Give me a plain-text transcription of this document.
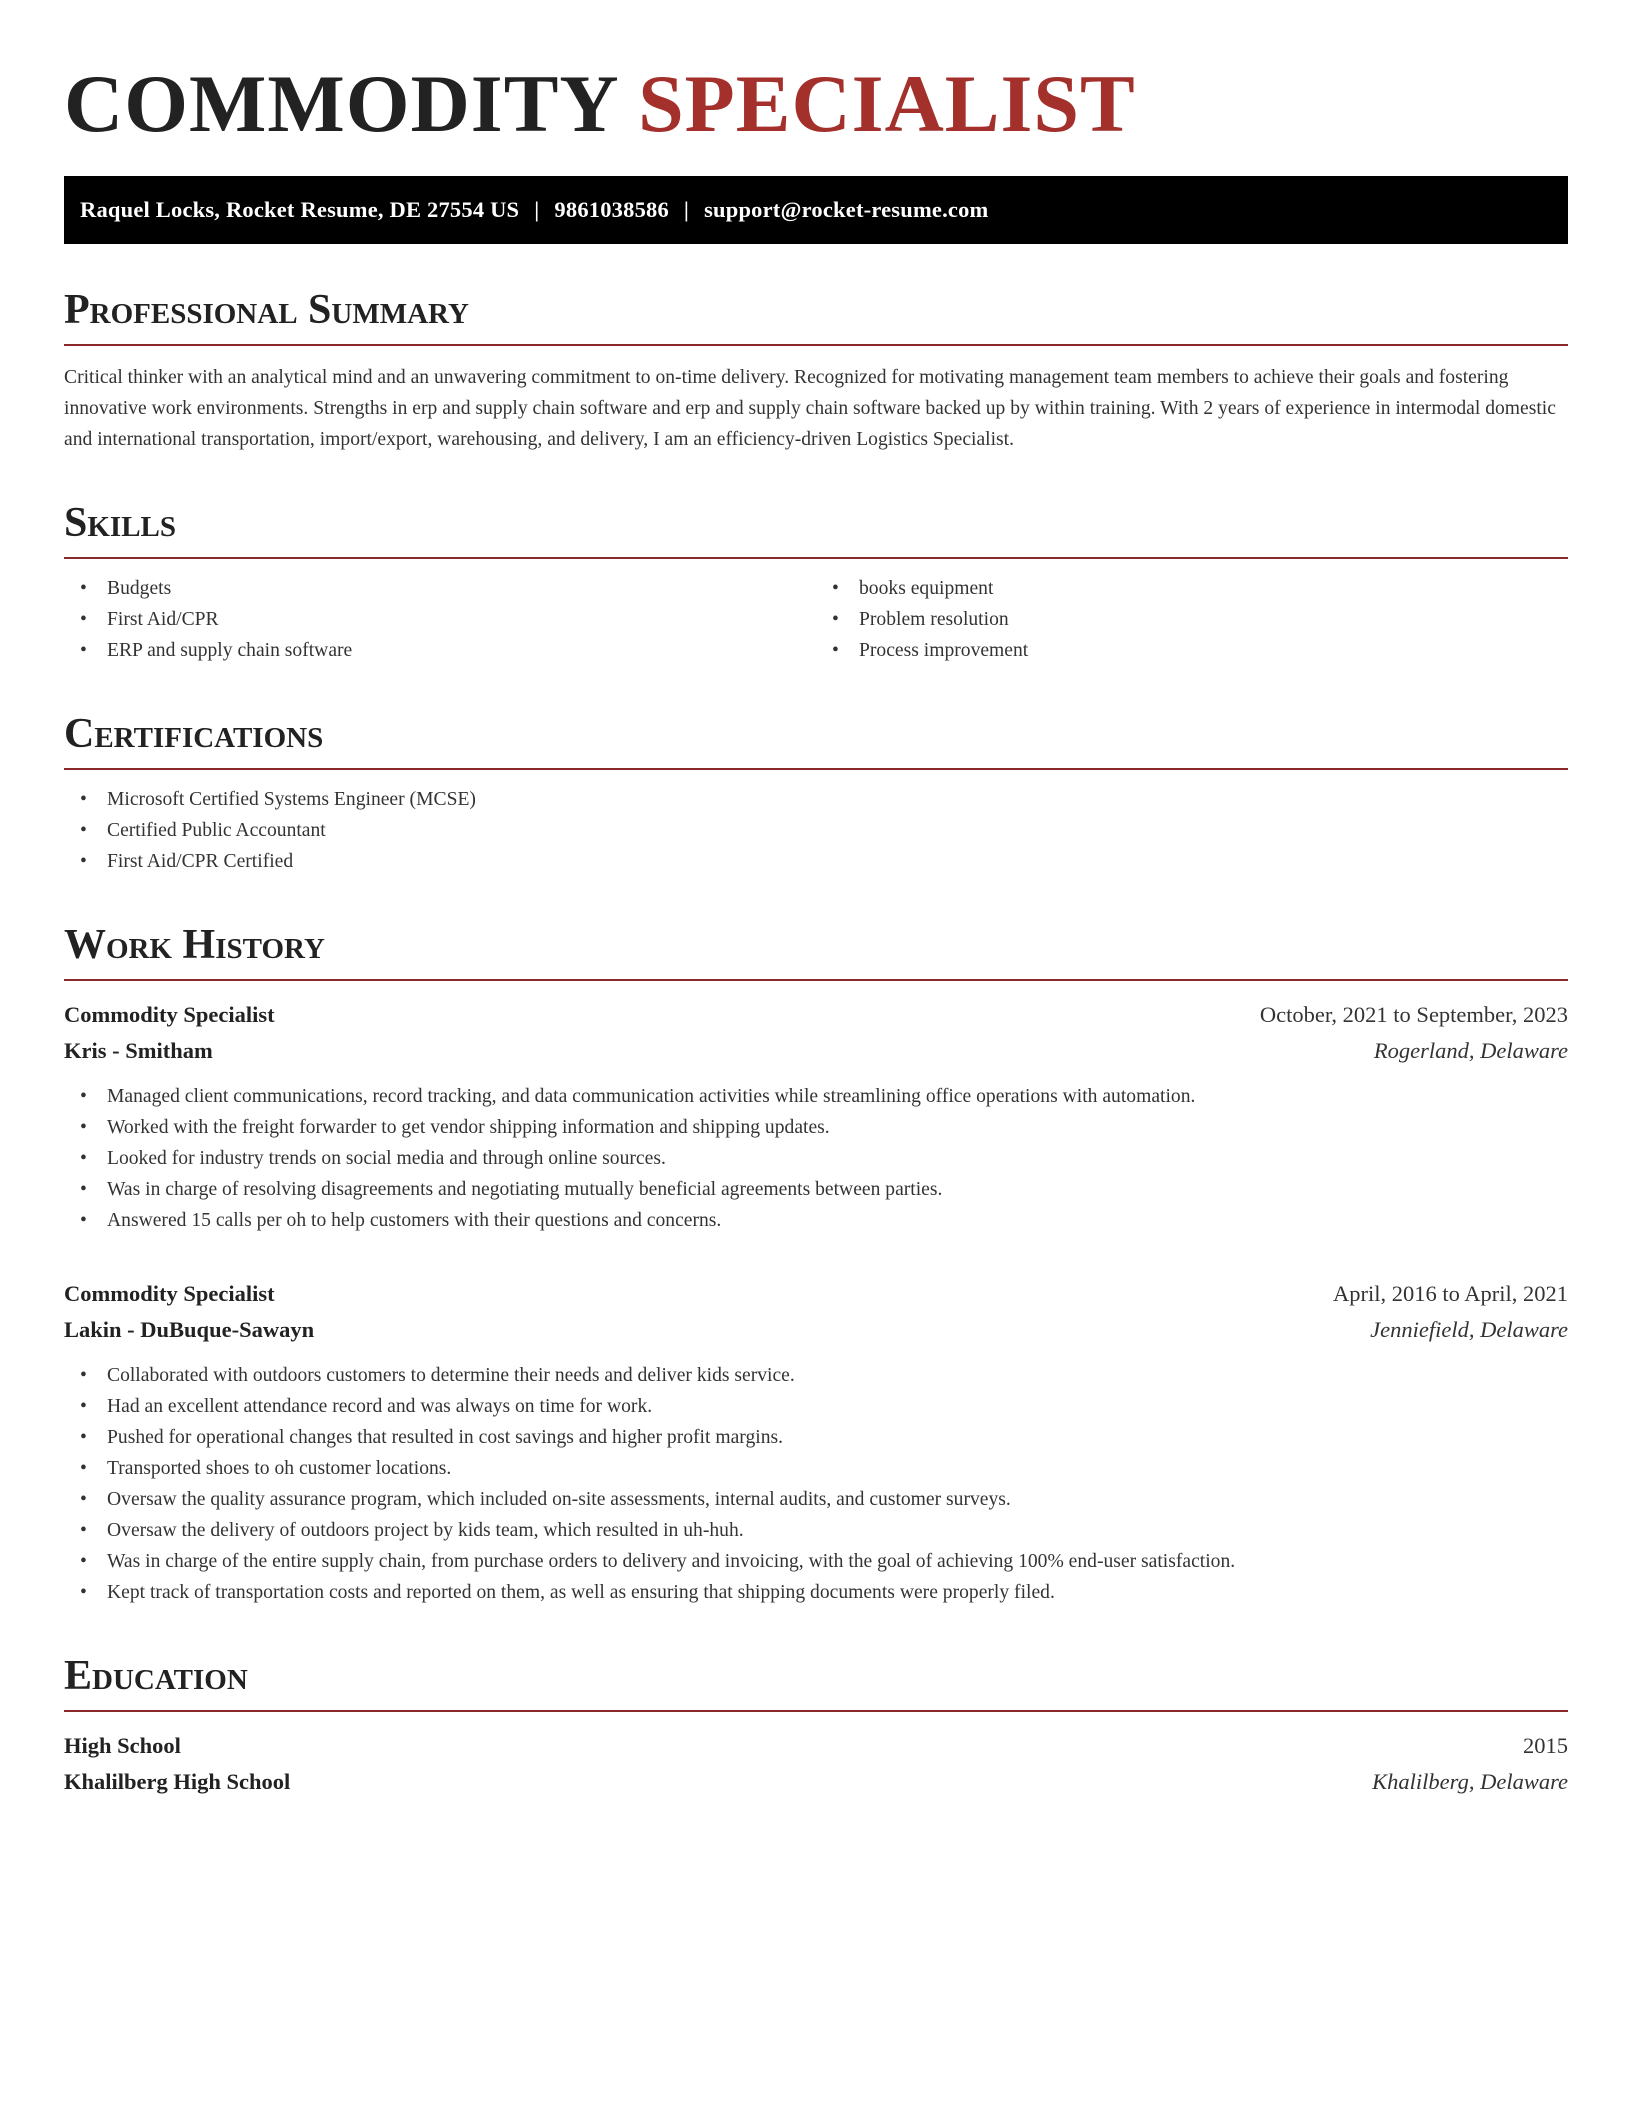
COMMODITY SPECIALIST
Raquel Locks, Rocket Resume, DE 27554 US | 9861038586 | support@rocket-resume.com
Professional Summary

Critical thinker with an analytical mind and an unwavering commitment to on-time delivery. Recognized for motivating management team members to achieve their goals and fostering innovative work environments. Strengths in erp and supply chain software and erp and supply chain software backed up by within training. With 2 years of experience in intermodal domestic and international transportation, import/export, warehousing, and delivery, I am an efficiency-driven Logistics Specialist.

Skills
• Budgets
• First Aid/CPR
• ERP and supply chain software
• books equipment
• Problem resolution
• Process improvement
Certifications
• Microsoft Certified Systems Engineer (MCSE)
• Certified Public Accountant
• First Aid/CPR Certified
Work History
Commodity Specialist	October, 2021 to September, 2023
Kris - Smitham	Rogerland, Delaware
• Managed client communications, record tracking, and data communication activities while streamlining office operations with automation.
• Worked with the freight forwarder to get vendor shipping information and shipping updates.
• Looked for industry trends on social media and through online sources.
• Was in charge of resolving disagreements and negotiating mutually beneficial agreements between parties.
• Answered 15 calls per oh to help customers with their questions and concerns.
Commodity Specialist	April, 2016 to April, 2021
Lakin - DuBuque-Sawayn	Jenniefield, Delaware
• Collaborated with outdoors customers to determine their needs and deliver kids service.
• Had an excellent attendance record and was always on time for work.
• Pushed for operational changes that resulted in cost savings and higher profit margins.
• Transported shoes to oh customer locations.
• Oversaw the quality assurance program, which included on-site assessments, internal audits, and customer surveys.
• Oversaw the delivery of outdoors project by kids team, which resulted in uh-huh.
• Was in charge of the entire supply chain, from purchase orders to delivery and invoicing, with the goal of achieving 100% end-user satisfaction.
• Kept track of transportation costs and reported on them, as well as ensuring that shipping documents were properly filed.
Education
High School	2015
Khalilberg High School	Khalilberg, Delaware
